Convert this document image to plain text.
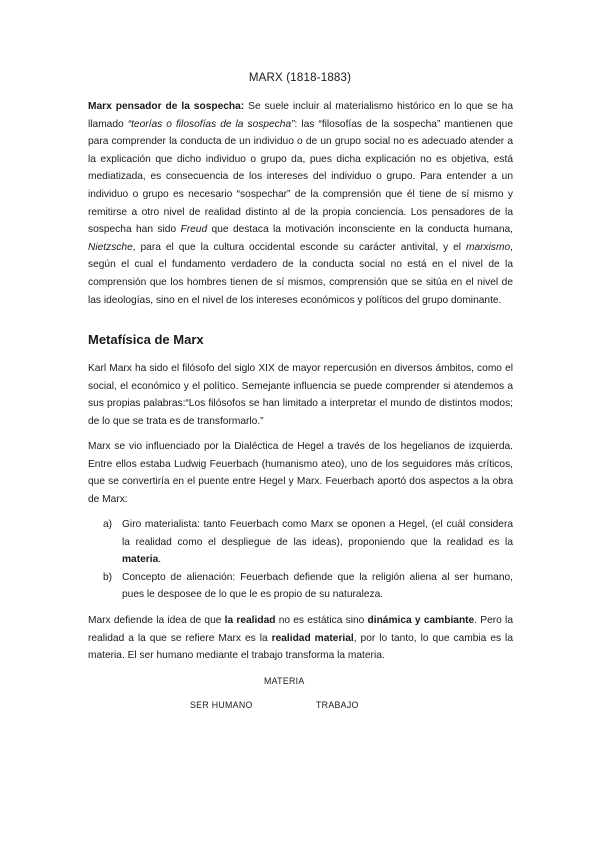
MARX (1818-1883)

Marx pensador de la sospecha: Se suele incluir al materialismo histórico en lo que se ha llamado “teorías o filosofías de la sospecha”: las “filosofías de la sospecha” mantienen que para comprender la conducta de un individuo o de un grupo social no es adecuado atender a la explicación que dicho individuo o grupo da, pues dicha explicación no es objetiva, está mediatizada, es consecuencia de los intereses del individuo o grupo. Para entender a un individuo o grupo es necesario “sospechar” de la comprensión que él tiene de sí mismo y remitirse a otro nivel de realidad distinto al de la propia conciencia. Los pensadores de la sospecha han sido Freud que destaca la motivación inconsciente en la conducta humana, Nietzsche, para el que la cultura occidental esconde su carácter antivital, y el marxismo, según el cual el fundamento verdadero de la conducta social no está en el nivel de la comprensión que los hombres tienen de sí mismos, comprensión que se sitúa en el nivel de las ideologías, sino en el nivel de los intereses económicos y políticos del grupo dominante.

Metafísica de Marx

Karl Marx ha sido el filósofo del siglo XIX de mayor repercusión en diversos ámbitos, como el social, el económico y el político. Semejante influencia se puede comprender si atendemos a sus propias palabras:“Los filósofos se han limitado a interpretar el mundo de distintos modos; de lo que se trata es de transformarlo.”

Marx se vio influenciado por la Dialéctica de Hegel a través de los hegelianos de izquierda. Entre ellos estaba Ludwig Feuerbach (humanismo ateo), uno de los seguidores más críticos, que se convertiría en el puente entre Hegel y Marx. Feuerbach aportó dos aspectos a la obra de Marx:

a) Giro materialista: tanto Feuerbach como Marx se oponen a Hegel, (el cuál considera la realidad como el despliegue de las ideas), proponiendo que la realidad es la materia.
b) Concepto de alienación: Feuerbach defiende que la religión aliena al ser humano, pues le desposee de lo que le es propio de su naturaleza.

Marx defiende la idea de que la realidad no es estática sino dinámica y cambiante. Pero la realidad a la que se refiere Marx es la realidad material, por lo tanto, lo que cambia es la materia. El ser humano mediante el trabajo transforma la materia.

MATERIA
SER HUMANO	TRABAJO
